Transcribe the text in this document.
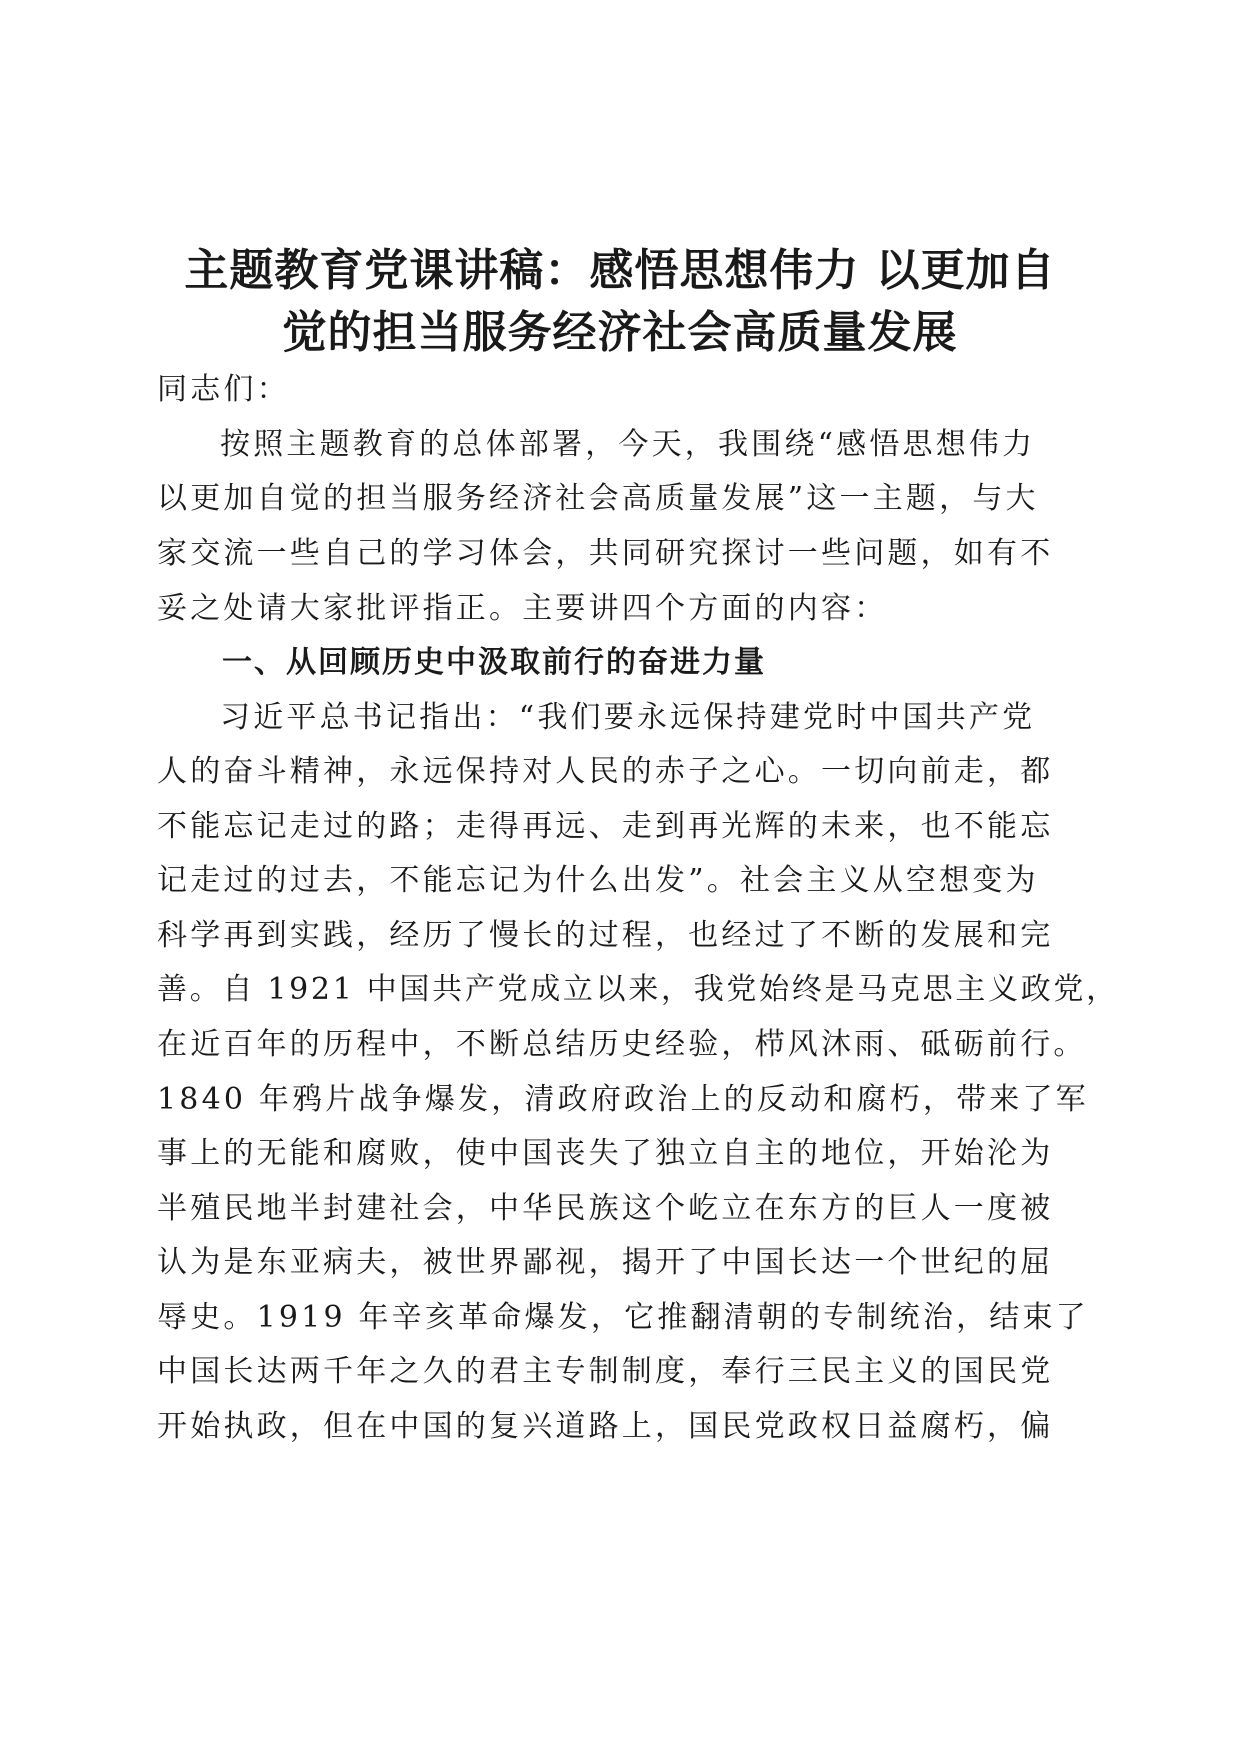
主题教育党课讲稿：感悟思想伟力 以更加自
觉的担当服务经济社会高质量发展

同志们：

按照主题教育的总体部署，今天，我围绕“感悟思想伟力

以更加自觉的担当服务经济社会高质量发展”这一主题，与大

家交流一些自己的学习体会，共同研究探讨一些问题，如有不

妥之处请大家批评指正。主要讲四个方面的内容：

一、从回顾历史中汲取前行的奋进力量

习近平总书记指出：“我们要永远保持建党时中国共产党

人的奋斗精神，永远保持对人民的赤子之心。一切向前走，都

不能忘记走过的路；走得再远、走到再光辉的未来，也不能忘

记走过的过去，不能忘记为什么出发”。社会主义从空想变为

科学再到实践，经历了慢长的过程，也经过了不断的发展和完

善。自 1921 中国共产党成立以来，我党始终是马克思主义政党，

在近百年的历程中，不断总结历史经验，栉风沐雨、砥砺前行。

1840 年鸦片战争爆发，清政府政治上的反动和腐朽，带来了军

事上的无能和腐败，使中国丧失了独立自主的地位，开始沦为

半殖民地半封建社会，中华民族这个屹立在东方的巨人一度被

认为是东亚病夫，被世界鄙视，揭开了中国长达一个世纪的屈

辱史。1919 年辛亥革命爆发，它推翻清朝的专制统治，结束了

中国长达两千年之久的君主专制制度，奉行三民主义的国民党

开始执政，但在中国的复兴道路上，国民党政权日益腐朽，偏
